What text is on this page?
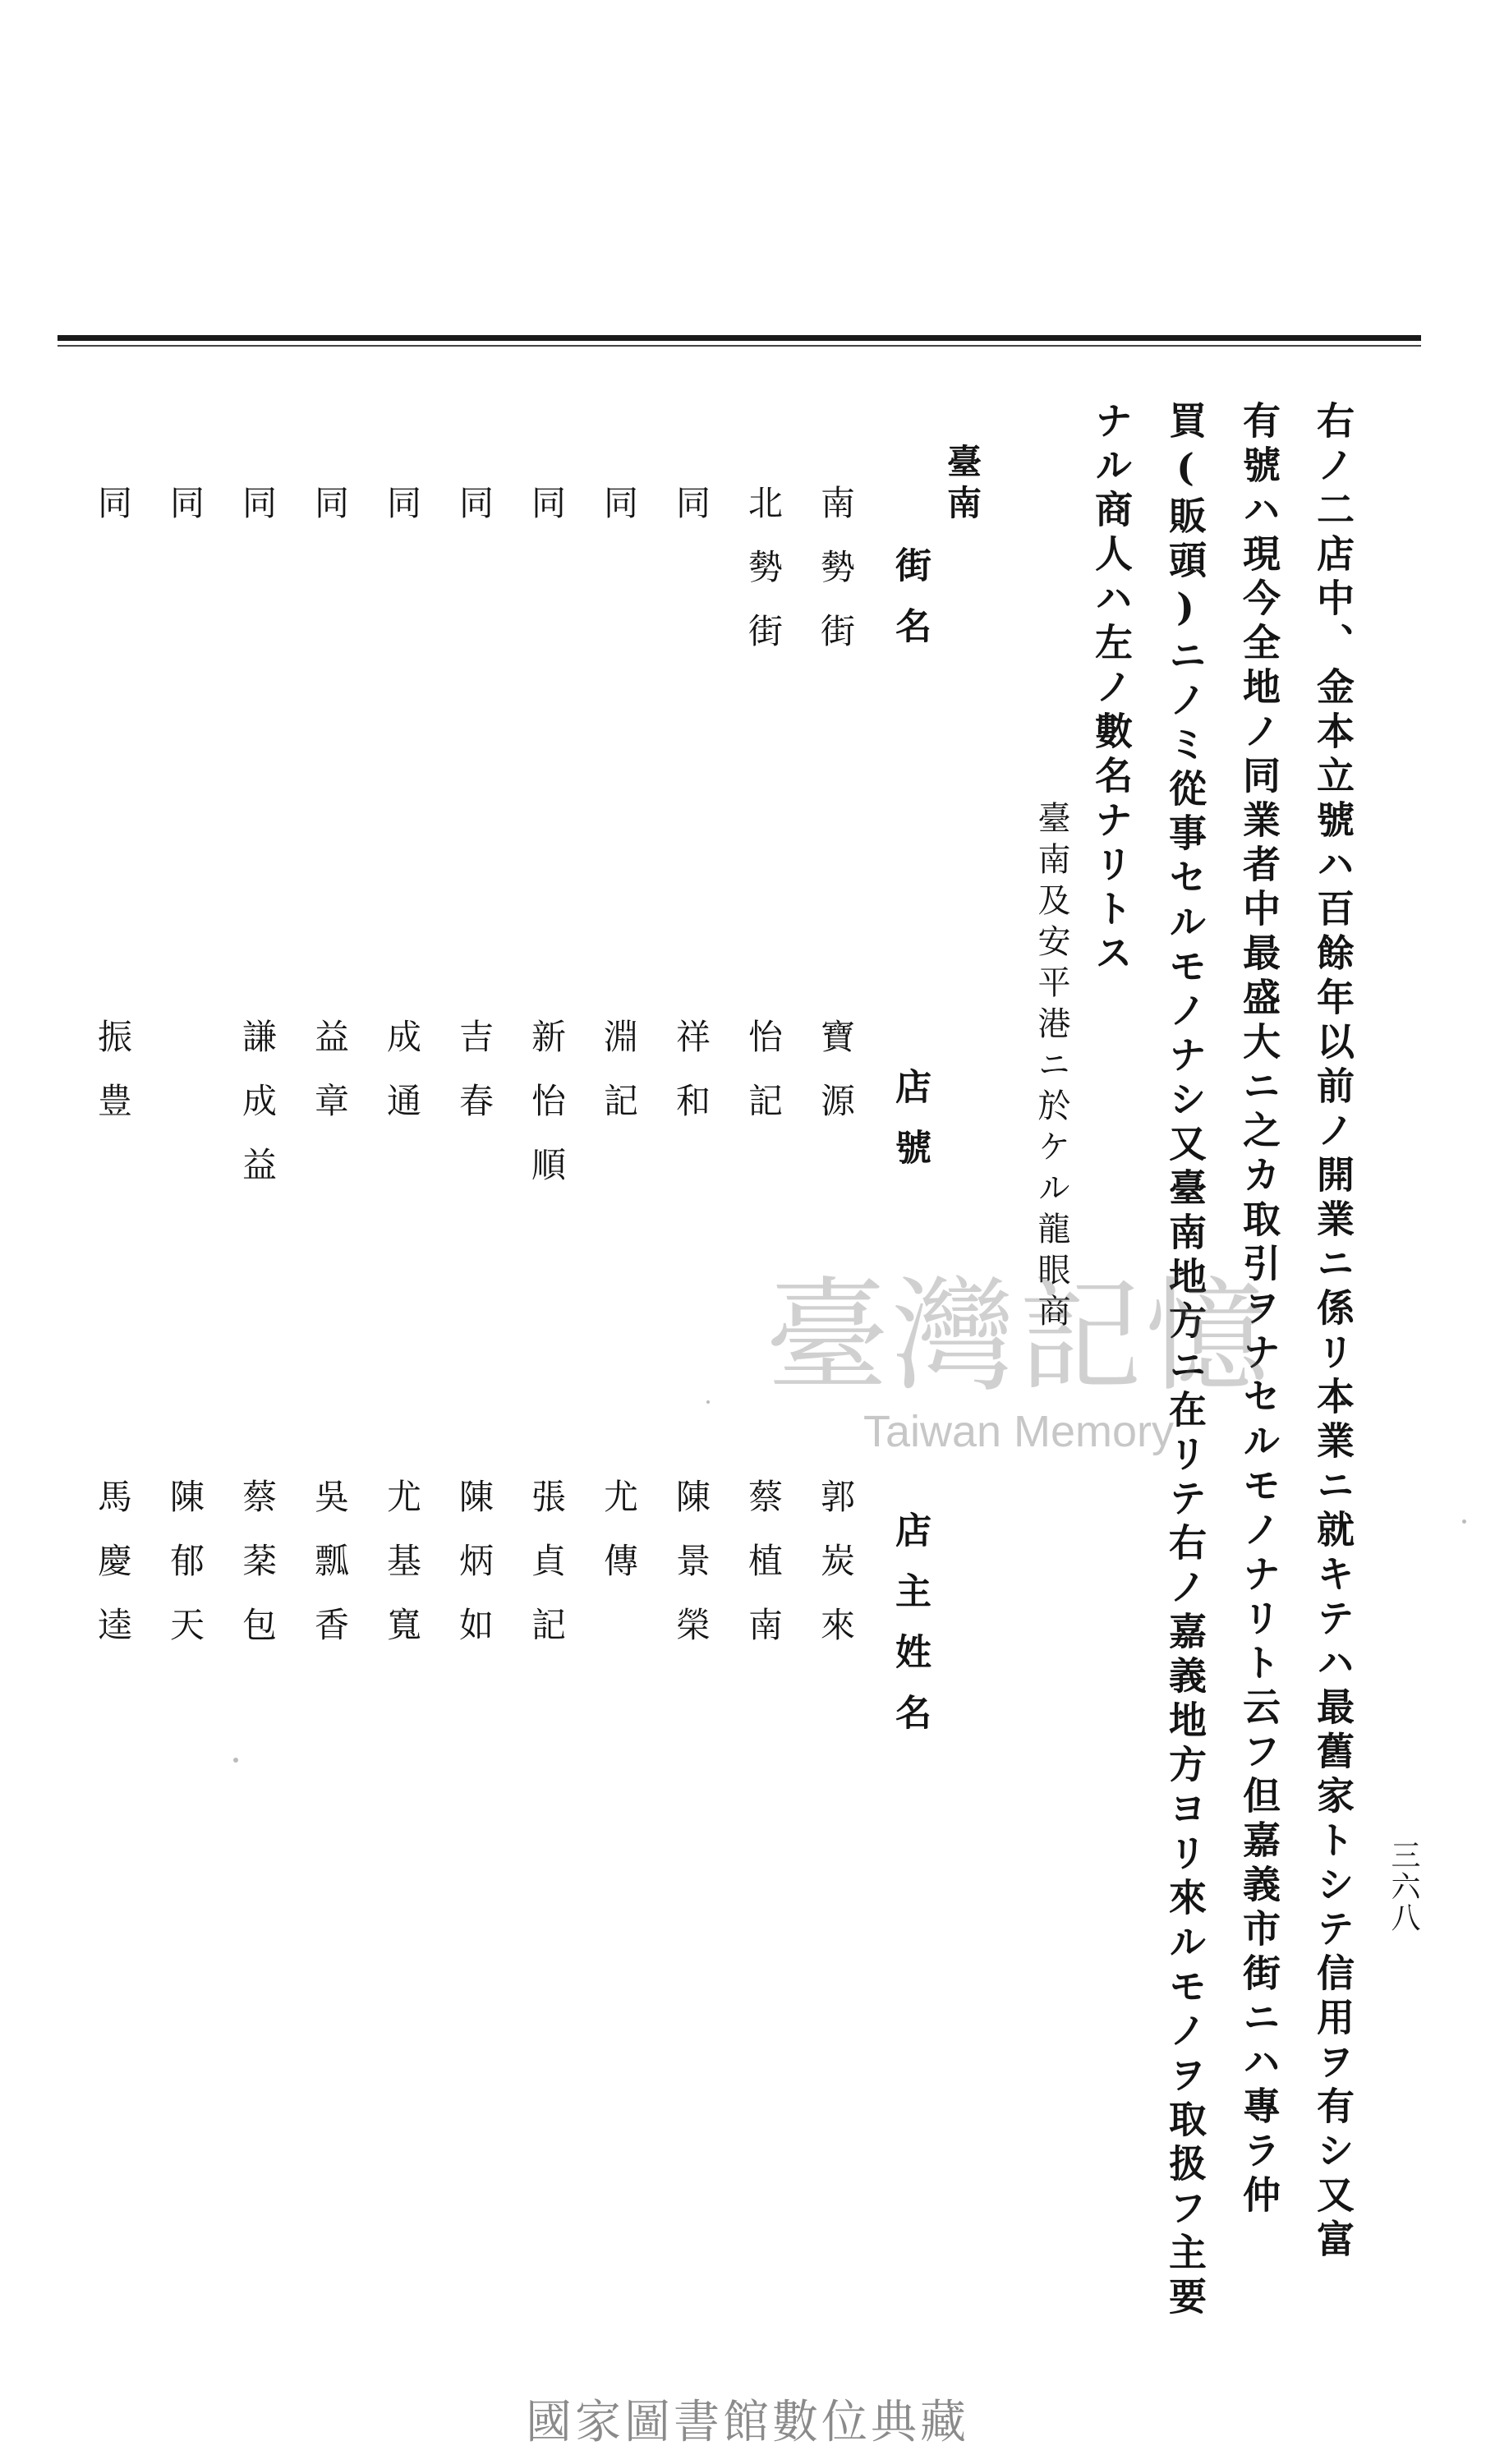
三六八
右ノ二店中、金本立號ハ百餘年以前ノ開業ニ係リ本業ニ就キテハ最舊家トシテ信用ヲ有シ又富
有號ハ現今全地ノ同業者中最盛大ニ之カ取引ヲナセルモノナリト云フ但嘉義市街ニハ專ラ仲
買(販頭)ニノミ從事セルモノナシ又臺南地方ニ在リテ右ノ嘉義地方ヨリ來ルモノヲ取扱フ主要
ナル商人ハ左ノ數名ナリトス
臺南及安平港ニ於ケル龍眼商
臺南
街名
店號
店主姓名
南勢街
寶源
郭炭來
北勢街
怡記
蔡植南
同
祥和
陳景榮
同
淵記
尤傳
同
新怡順
張貞記
同
吉春
陳炳如
同
成通
尤基寬
同
益章
吳瓢香
同
謙成益
蔡棻包
同
陳郁天
同
振豊
馬慶逵
臺灣記憶
Taiwan Memory
國家圖書館數位典藏
